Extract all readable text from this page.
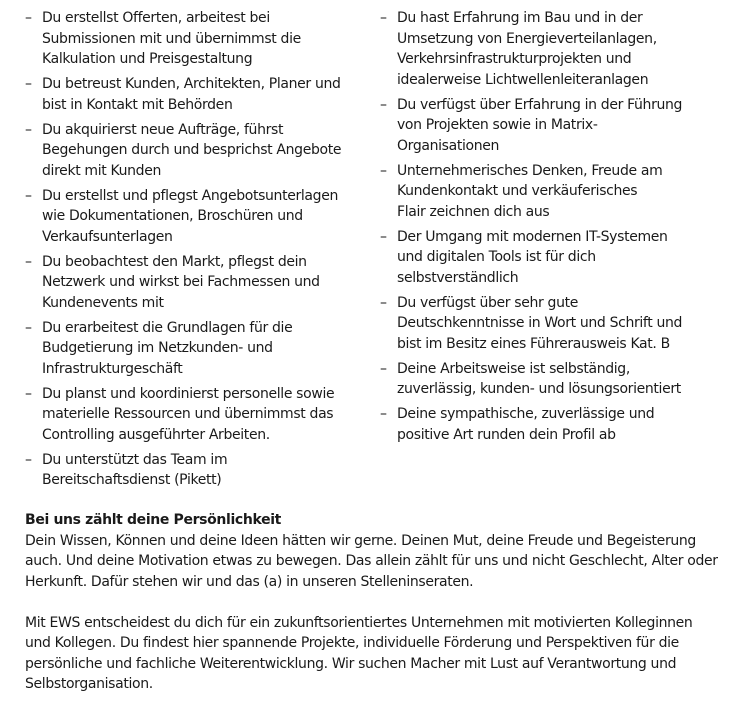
– Du erstellst Offerten, arbeitest bei
Submissionen mit und übernimmst die
Kalkulation und Preisgestaltung
– Du betreust Kunden, Architekten, Planer und
bist in Kontakt mit Behörden
– Du akquirierst neue Aufträge, führst
Begehungen durch und besprichst Angebote
direkt mit Kunden
– Du erstellst und pflegst Angebotsunterlagen
wie Dokumentationen, Broschüren und
Verkaufsunterlagen
– Du beobachtest den Markt, pflegst dein
Netzwerk und wirkst bei Fachmessen und
Kundenevents mit
– Du erarbeitest die Grundlagen für die
Budgetierung im Netzkunden- und
Infrastrukturgeschäft
– Du planst und koordinierst personelle sowie
materielle Ressourcen und übernimmst das
Controlling ausgeführter Arbeiten.
– Du unterstützt das Team im
Bereitschaftsdienst (Pikett)
– Du hast Erfahrung im Bau und in der
Umsetzung von Energieverteilanlagen,
Verkehrsinfrastrukturprojekten und
idealerweise Lichtwellenleiteranlagen
– Du verfügst über Erfahrung in der Führung
von Projekten sowie in Matrix-
Organisationen
– Unternehmerisches Denken, Freude am
Kundenkontakt und verkäuferisches
Flair zeichnen dich aus
– Der Umgang mit modernen IT-Systemen
und digitalen Tools ist für dich
selbstverständlich
– Du verfügst über sehr gute
Deutschkenntnisse in Wort und Schrift und
bist im Besitz eines Führerausweis Kat. B
– Deine Arbeitsweise ist selbständig,
zuverlässig, kunden- und lösungsorientiert
– Deine sympathische, zuverlässige und
positive Art runden dein Profil ab
Bei uns zählt deine Persönlichkeit

Dein Wissen, Können und deine Ideen hätten wir gerne. Deinen Mut, deine Freude und Begeisterung
auch. Und deine Motivation etwas zu bewegen. Das allein zählt für uns und nicht Geschlecht, Alter oder
Herkunft. Dafür stehen wir und das (a) in unseren Stelleninseraten.

Mit EWS entscheidest du dich für ein zukunftsorientiertes Unternehmen mit motivierten Kolleginnen
und Kollegen. Du findest hier spannende Projekte, individuelle Förderung und Perspektiven für die
persönliche und fachliche Weiterentwicklung. Wir suchen Macher mit Lust auf Verantwortung und
Selbstorganisation.
